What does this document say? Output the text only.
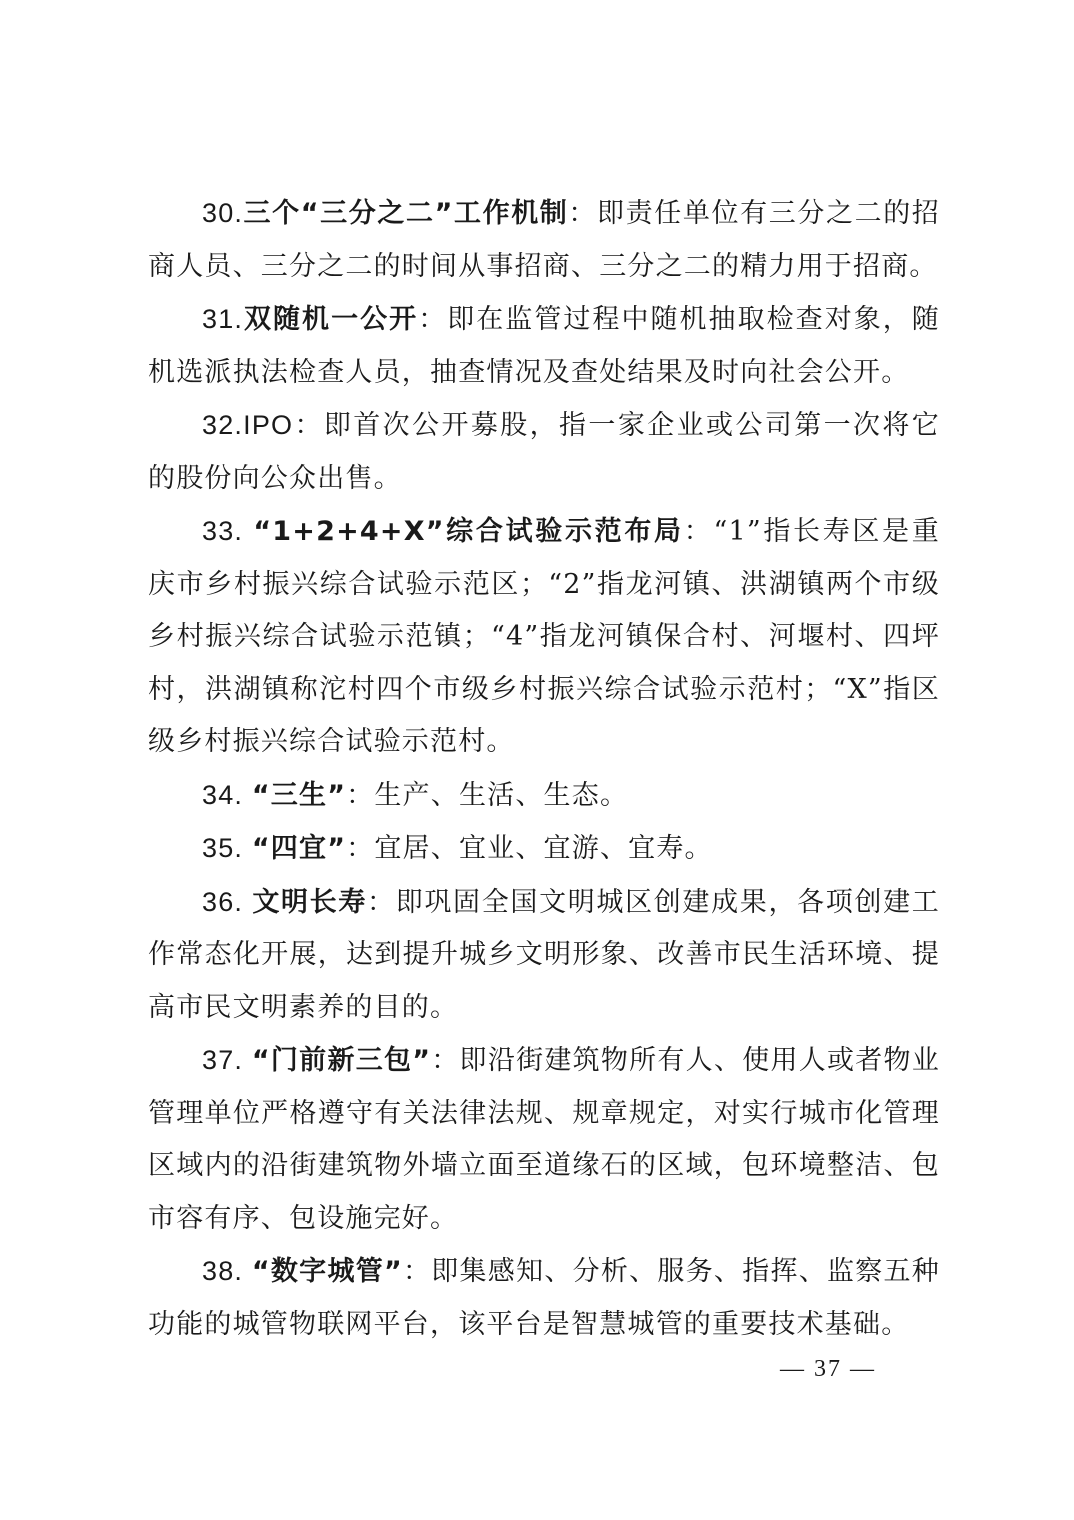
30.三个“三分之二”工作机制：即责任单位有三分之二的招商人员、三分之二的时间从事招商、三分之二的精力用于招商。

31.双随机一公开：即在监管过程中随机抽取检查对象，随机选派执法检查人员，抽查情况及查处结果及时向社会公开。

32.IPO：即首次公开募股，指一家企业或公司第一次将它的股份向公众出售。

33. “1+2+4+X”综合试验示范布局：“1”指长寿区是重庆市乡村振兴综合试验示范区；“2”指龙河镇、洪湖镇两个市级乡村振兴综合试验示范镇；“4”指龙河镇保合村、河堰村、四坪村，洪湖镇称沱村四个市级乡村振兴综合试验示范村；“X”指区级乡村振兴综合试验示范村。

34. “三生”：生产、生活、生态。

35. “四宜”：宜居、宜业、宜游、宜寿。

36. 文明长寿：即巩固全国文明城区创建成果，各项创建工作常态化开展，达到提升城乡文明形象、改善市民生活环境、提高市民文明素养的目的。

37. “门前新三包”：即沿街建筑物所有人、使用人或者物业管理单位严格遵守有关法律法规、规章规定，对实行城市化管理区域内的沿街建筑物外墙立面至道缘石的区域，包环境整洁、包市容有序、包设施完好。

38. “数字城管”：即集感知、分析、服务、指挥、监察五种功能的城管物联网平台，该平台是智慧城管的重要技术基础。

— 37 —
